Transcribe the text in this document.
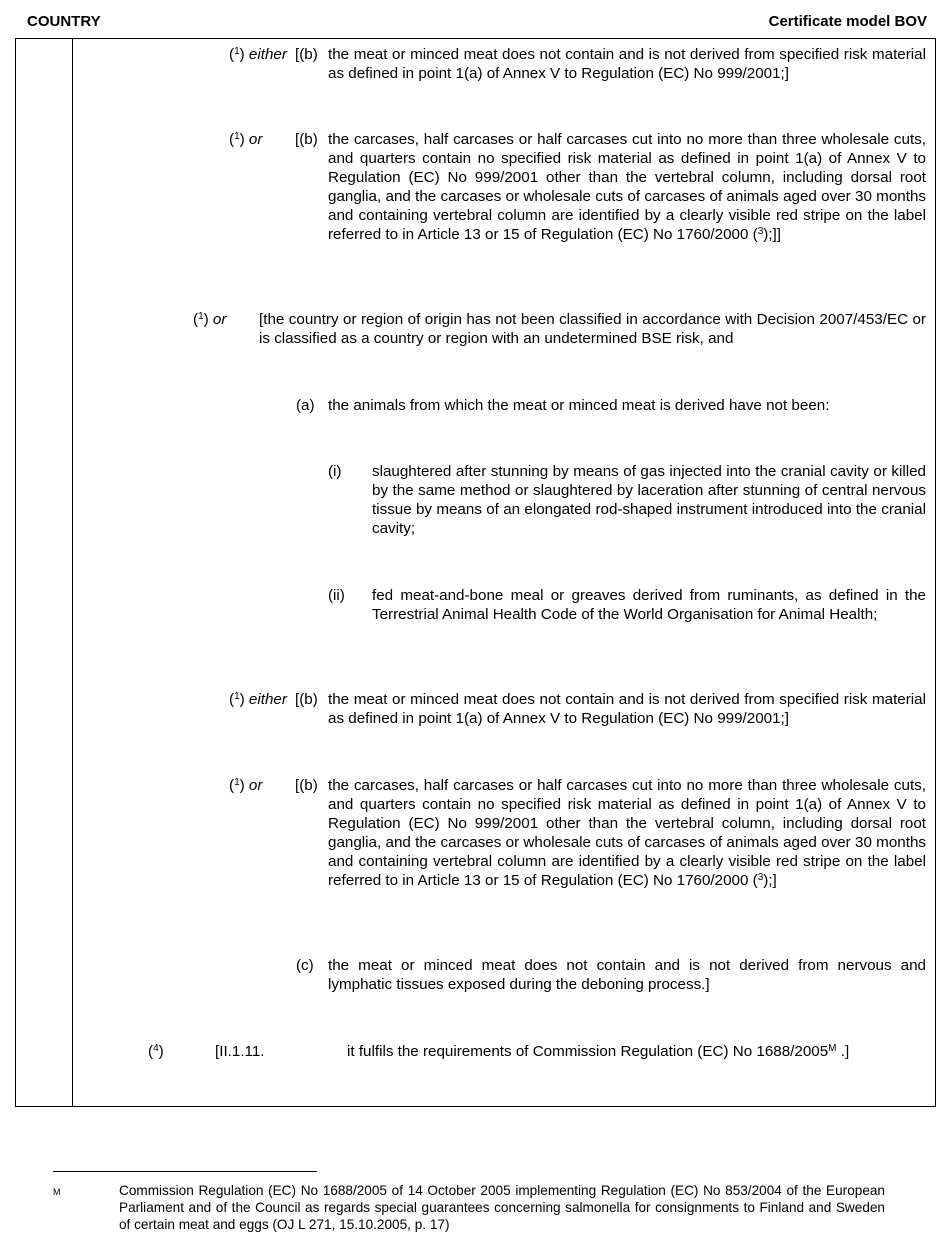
COUNTRY	Certificate model BOV
($^1$) either [(b) the meat or minced meat does not contain and is not derived from specified risk material as defined in point 1(a) of Annex V to Regulation (EC) No 999/2001;]
($^1$) or [(b) the carcases, half carcases or half carcases cut into no more than three wholesale cuts, and quarters contain no specified risk material as defined in point 1(a) of Annex V to Regulation (EC) No 999/2001 other than the vertebral column, including dorsal root ganglia, and the carcases or wholesale cuts of carcases of animals aged over 30 months and containing vertebral column are identified by a clearly visible red stripe on the label referred to in Article 13 or 15 of Regulation (EC) No 1760/2000 ($^3$);]]
($^1$) or [the country or region of origin has not been classified in accordance with Decision 2007/453/EC or is classified as a country or region with an undetermined BSE risk, and
(a) the animals from which the meat or minced meat is derived have not been:
(i) slaughtered after stunning by means of gas injected into the cranial cavity or killed by the same method or slaughtered by laceration after stunning of central nervous tissue by means of an elongated rod-shaped instrument introduced into the cranial cavity;
(ii) fed meat-and-bone meal or greaves derived from ruminants, as defined in the Terrestrial Animal Health Code of the World Organisation for Animal Health;
($^1$) either [(b) the meat or minced meat does not contain and is not derived from specified risk material as defined in point 1(a) of Annex V to Regulation (EC) No 999/2001;]
($^1$) or [(b) the carcases, half carcases or half carcases cut into no more than three wholesale cuts, and quarters contain no specified risk material as defined in point 1(a) of Annex V to Regulation (EC) No 999/2001 other than the vertebral column, including dorsal root ganglia, and the carcases or wholesale cuts of carcases of animals aged over 30 months and containing vertebral column are identified by a clearly visible red stripe on the label referred to in Article 13 or 15 of Regulation (EC) No 1760/2000 ($^3$);]
(c) the meat or minced meat does not contain and is not derived from nervous and lymphatic tissues exposed during the deboning process.]
($^4$)	[II.1.11.	it fulfils the requirements of Commission Regulation (EC) No $1688/2005^M$ .]
M	Commission Regulation (EC) No 1688/2005 of 14 October 2005 implementing Regulation (EC) No 853/2004 of the European Parliament and of the Council as regards special guarantees concerning salmonella for consignments to Finland and Sweden of certain meat and eggs (OJ L 271, 15.10.2005, p. 17)
